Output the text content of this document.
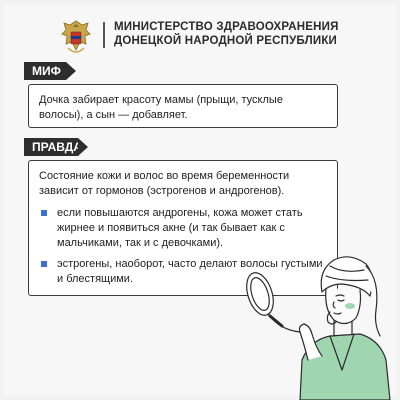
МИНИСТЕРСТВО ЗДРАВООХРАНЕНИЯ
ДОНЕЦКОЙ НАРОДНОЙ РЕСПУБЛИКИ
МИФ

Дочка забирает красоту мамы (прыщи, тусклые волосы), а сын — добавляет.

ПРАВДА

Состояние кожи и волос во время беременности зависит от гормонов (эстрогенов и андрогенов).

если повышаются андрогены, кожа может стать жирнее и появиться акне (и так бывает как с мальчиками, так и с девочками).
эстрогены, наоборот, часто делают волосы густыми и блестящими.
